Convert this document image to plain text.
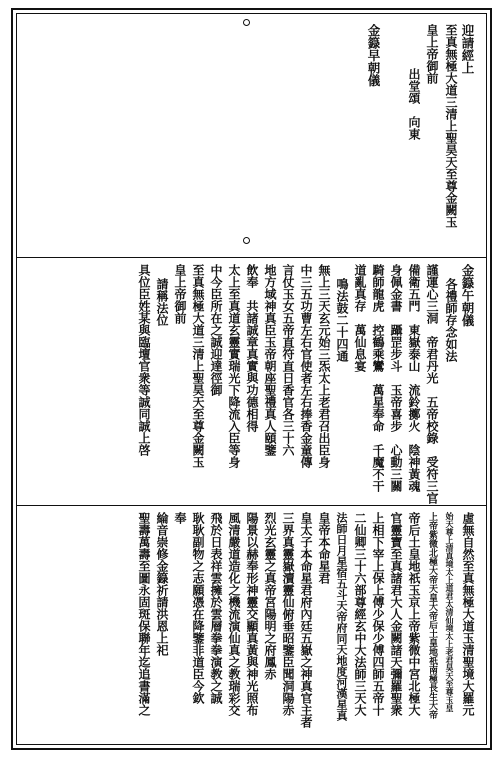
迎請經上
至真無極大道三清上聖昊天至尊金闕玉
皇上帝御前
出堂頌　向東
金籙早朝儀
金籙午朝儀
各禮師存念如法
謹運心三洞　帝君丹光　五帝校錄　受符三官
備衛五門　東嶽泰山　流鈴擲火　陰神黃魂
身佩金書　躡罡步斗　玉帝喜步　心動三關
騎師龍虎　控鶴乘鸞　萬星奉命　千魔不干
道亂真存　萬仙息宴
鳴法鼓二十四通
無上三天玄元始三炁太上老君召出臣身
中三五功曹左右官使者左右捧香金童傳
言仗玉女五帝直符直日香官各三十六
地方域神真臣玉帝朝座聖禮真人頤鑒
飲奉　共諸誠章真實與功德相得
太上至真道玄靈實瑞光下降流入臣等身
中今臣所在之誠迎達徑御
至真無極大道三清上聖昊天至尊金闕玉
皇上帝御前
請稱法位
具位臣姓某與臨壇官衆等誠同誠上啓
虛無自然至真無極大道玉清聖境大羅元
始天尊上清真境太上道君太清仙境太上老君昊天至尊玉皇
上帝紫微北極大帝天皇大帝后土皇地祇南極長生大帝
帝后土皇地祇玉京上帝紫微中宮北極大
官靈寶至真諸君大人金闕諸天彌羅聖衆
上相下宰上保上傅少保少傅四師五帝十
二仙卿三十六部尊經玄中大法師三天大
法師日月星宿五斗天帝府同天地度河漢星真
皇帝本命星君
皇太子本命星君府內廷五嶽之神真官主者
三界真靈嶽瀆靈仙俯垂昭鑒臣聞洞陽赤
烈光玄靈之真帝宮陽明之府鳳赤
陽景以赫奉形神靈交顯真黃與神光照布
風清嚴道造化之機流演仙真之教瑞彩交
飛於日表祥雲擁於雲層拳拳演教之誠
耿耿副物之志願憑在降鑒非道臣今欽
奉
綸音崇修金籙祈請洪恩上祀
聖壽萬壽至圖永固斑保聯年迄追書滿之
